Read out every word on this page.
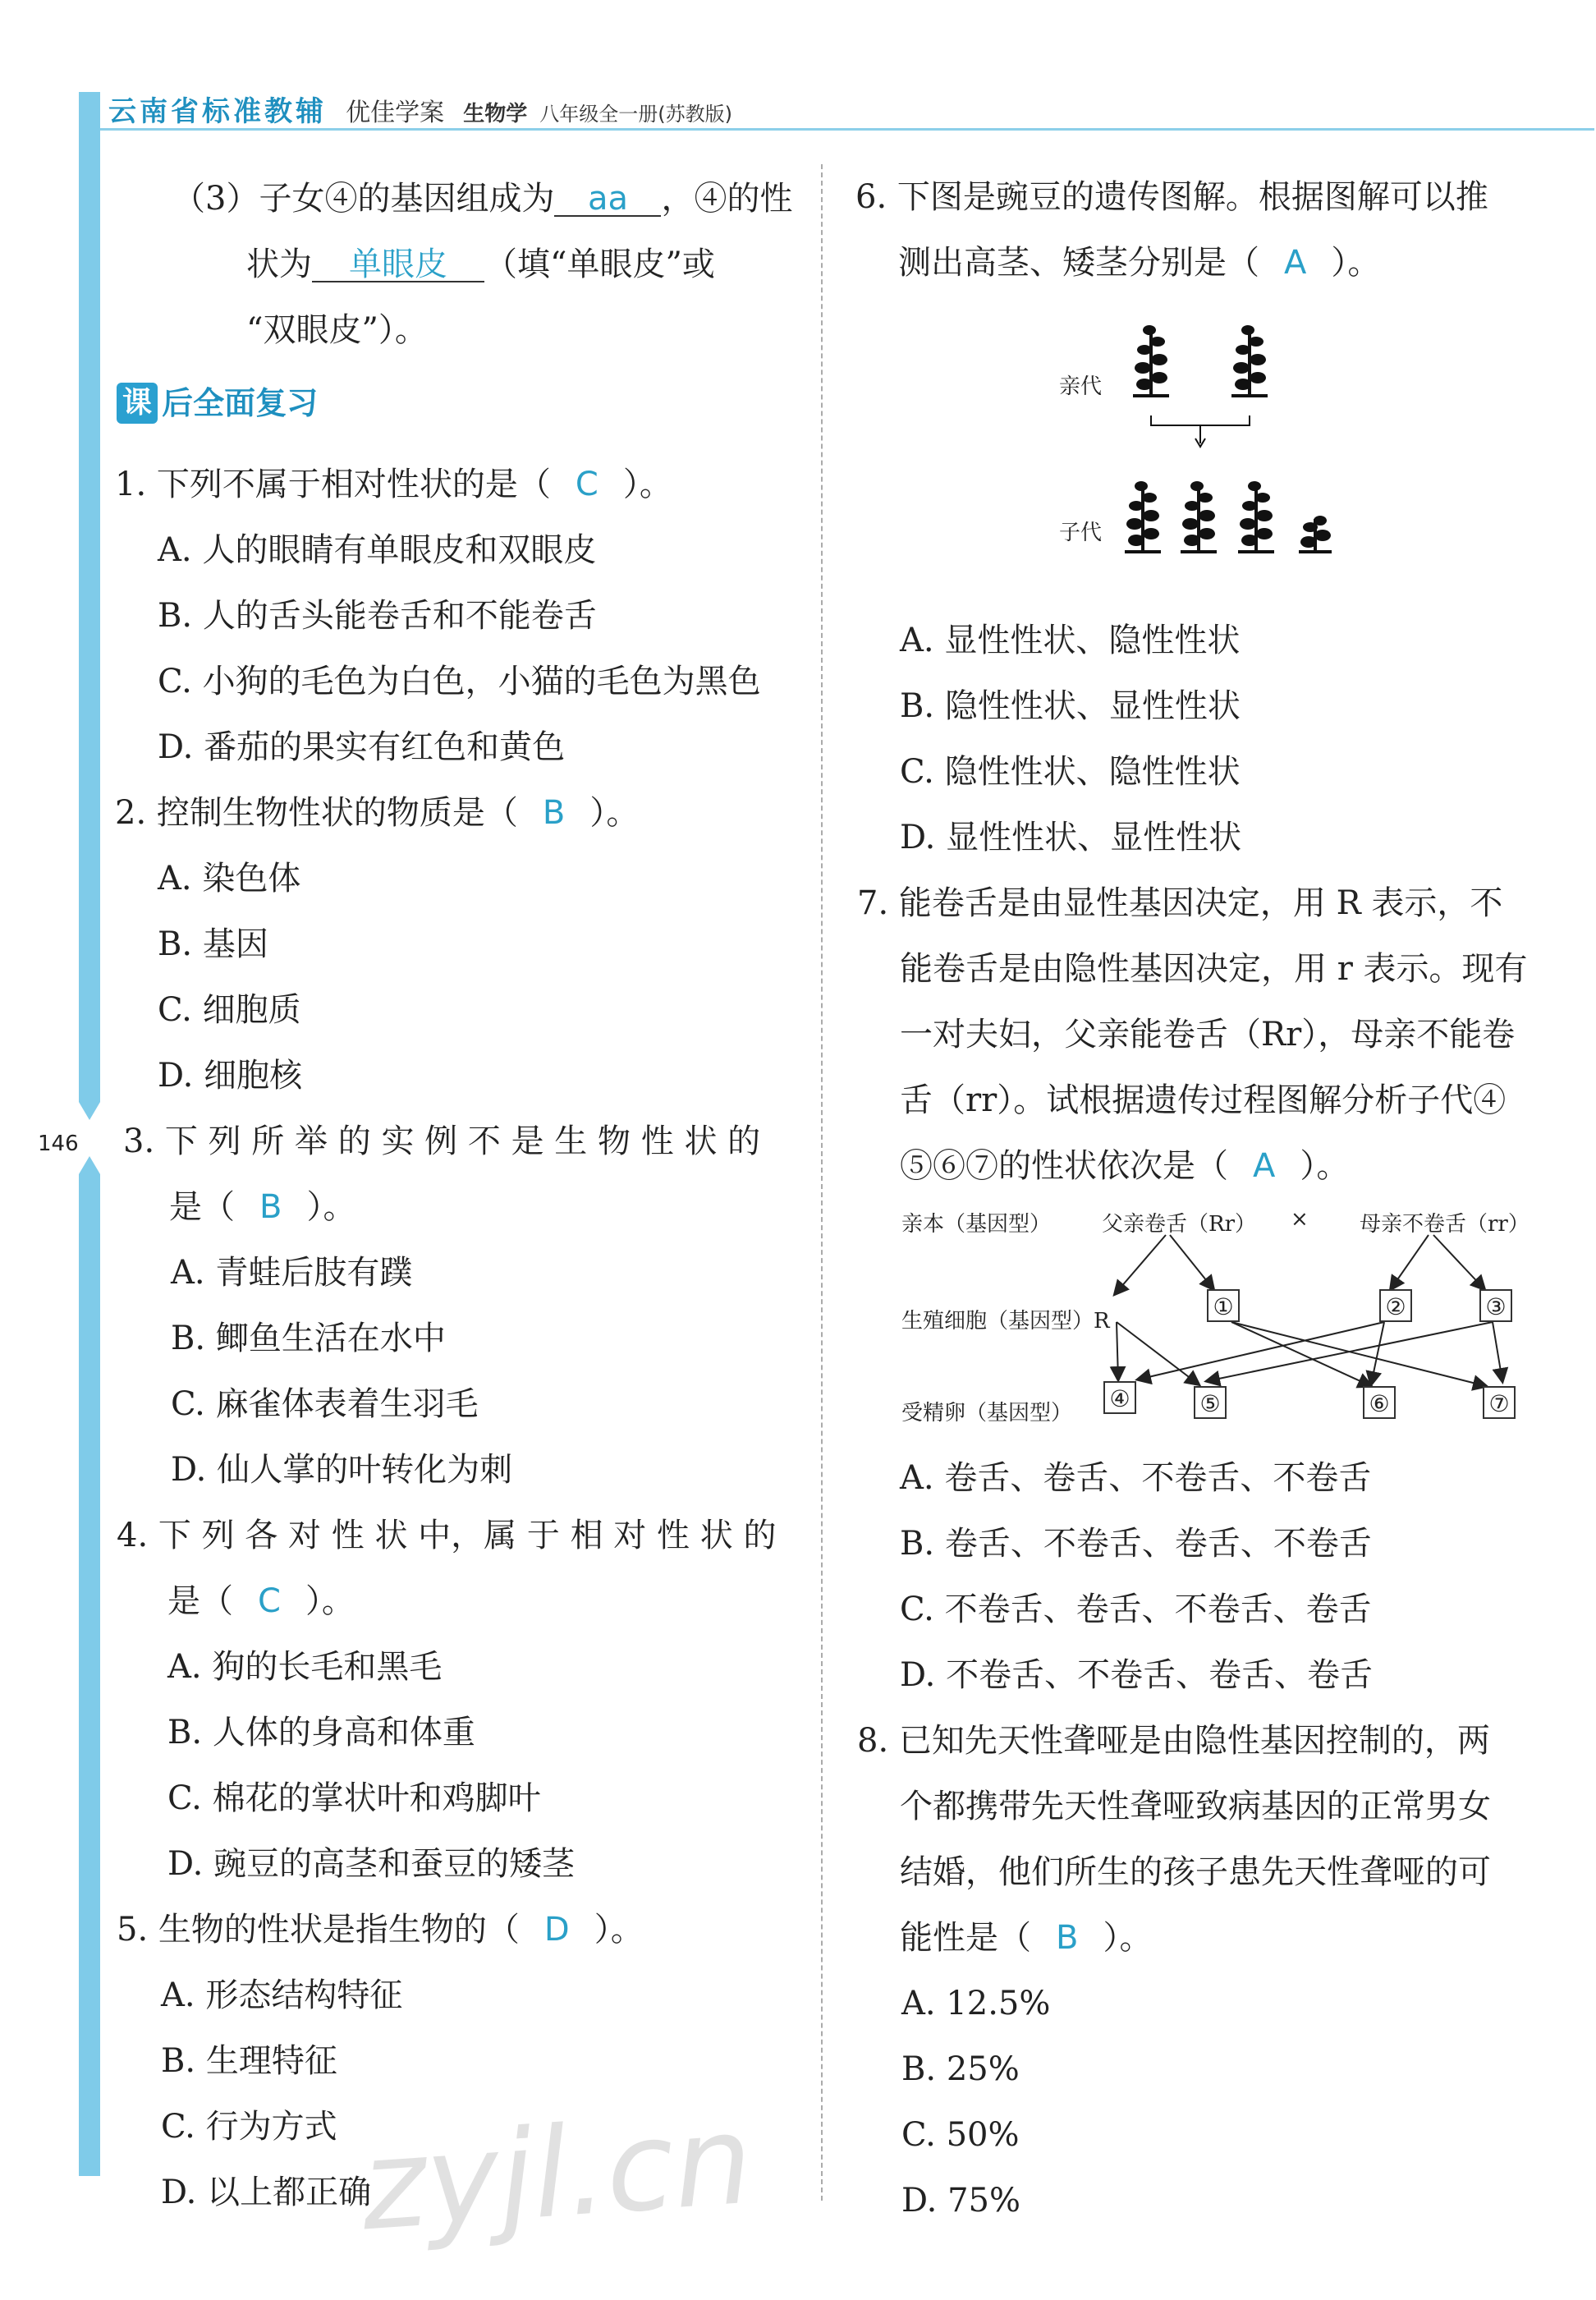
146
云南省标准教辅 优佳学案 生物学 八年级全一册(苏教版)
（3）子女④的基因组成为 aa ，④的性
状为 单眼皮 （填“单眼皮”或
“双眼皮”）。
课 后全面复习
1. 下列不属于相对性状的是（ C ）。
A. 人的眼睛有单眼皮和双眼皮
B. 人的舌头能卷舌和不能卷舌
C. 小狗的毛色为白色，小猫的毛色为黑色
D. 番茄的果实有红色和黄色
2. 控制生物性状的物质是（ B ）。
A. 染色体
B. 基因
C. 细胞质
D. 细胞核
3. 下 列 所 举 的 实 例 不 是 生 物 性 状 的
是（ B ）。
A. 青蛙后肢有蹼
B. 鲫鱼生活在水中
C. 麻雀体表着生羽毛
D. 仙人掌的叶转化为刺
4. 下 列 各 对 性 状 中，属 于 相 对 性 状 的
是（ C ）。
A. 狗的长毛和黑毛
B. 人体的身高和体重
C. 棉花的掌状叶和鸡脚叶
D. 豌豆的高茎和蚕豆的矮茎
5. 生物的性状是指生物的（ D ）。
A. 形态结构特征
B. 生理特征
C. 行为方式
D. 以上都正确
6. 下图是豌豆的遗传图解。根据图解可以推
测出高茎、矮茎分别是（ A ）。
亲代
子代
A. 显性性状、隐性性状
B. 隐性性状、显性性状
C. 隐性性状、隐性性状
D. 显性性状、显性性状
7. 能卷舌是由显性基因决定，用 R 表示，不
能卷舌是由隐性基因决定，用 r 表示。现有
一对夫妇，父亲能卷舌（Rr），母亲不能卷
舌（rr）。试根据遗传过程图解分析子代④
⑤⑥⑦的性状依次是（ A ）。
亲本（基因型） 父亲卷舌（Rr） × 母亲不卷舌（rr）
生殖细胞（基因型）R
受精卵（基因型）
①	②	③
④	⑤	⑥	⑦
A. 卷舌、卷舌、不卷舌、不卷舌
B. 卷舌、不卷舌、卷舌、不卷舌
C. 不卷舌、卷舌、不卷舌、卷舌
D. 不卷舌、不卷舌、卷舌、卷舌
8. 已知先天性聋哑是由隐性基因控制的，两
个都携带先天性聋哑致病基因的正常男女
结婚，他们所生的孩子患先天性聋哑的可
能性是（ B ）。
A. 12.5%
B. 25%
C. 50%
D. 75%
zyjl.cn
